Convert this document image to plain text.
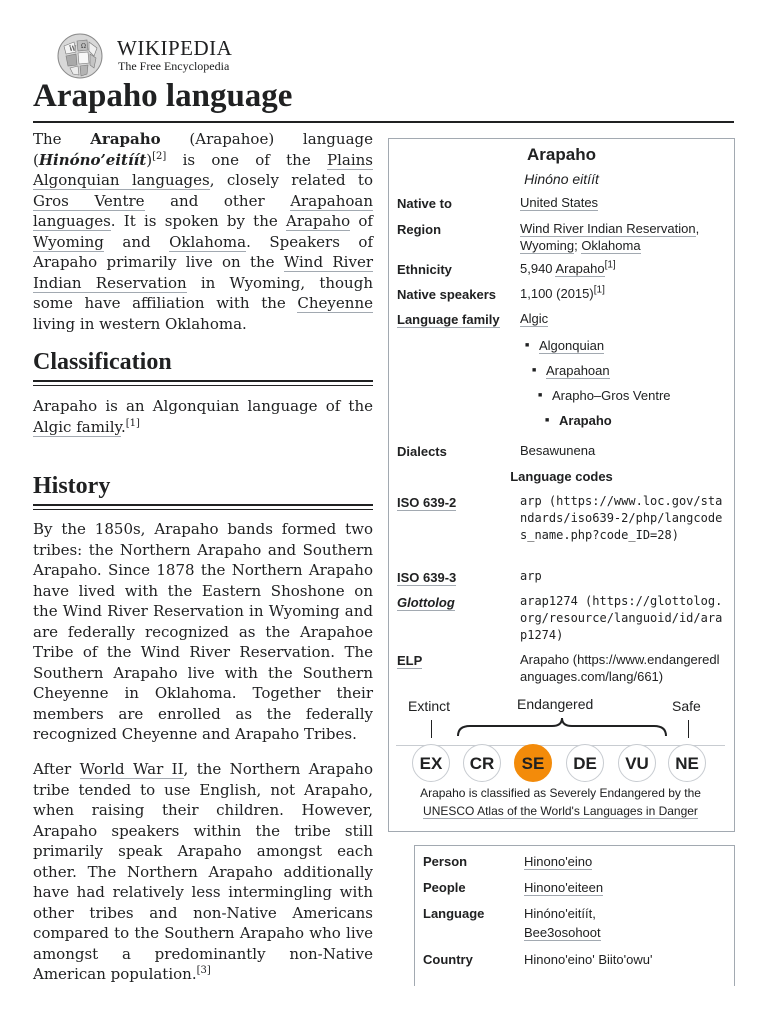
W Ω WIKIPEDIA
The Free Encyclopedia
Arapaho language
The Arapaho (Arapahoe) language (Hinóno’eitíít)[2] is one of the Plains Algonquian languages, closely related to Gros Ventre and other Arapahoan languages. It is spoken by the Arapaho of Wyoming and Oklahoma. Speakers of Arapaho primarily live on the Wind River Indian Reservation in Wyoming, though some have affiliation with the Cheyenne living in western Oklahoma.
Classification
Arapaho is an Algonquian language of the Algic family.[1]
History
By the 1850s, Arapaho bands formed two tribes: the Northern Arapaho and Southern Arapaho. Since 1878 the Northern Arapaho have lived with the Eastern Shoshone on the Wind River Reservation in Wyoming and are federally recognized as the Arapahoe Tribe of the Wind River Reservation. The Southern Arapaho live with the Southern Cheyenne in Oklahoma. Together their members are enrolled as the federally recognized Cheyenne and Arapaho Tribes.
After World War II, the Northern Arapaho tribe tended to use English, not Arapaho, when raising their children. However, Arapaho speakers within the tribe still primarily speak Arapaho amongst each other. The Northern Arapaho additionally have had relatively less intermingling with other tribes and non-Native Americans compared to the Southern Arapaho who live amongst a predominantly non-Native American population.[3]
Arapaho
Hinóno eitíít
Native to	United States
Region	Wind River Indian Reservation,
Wyoming; Oklahoma
Ethnicity	5,940 Arapaho[1]
Native speakers	1,100 (2015)[1]
Language family	Algic
■ Algonquian
■ Arapahoan
■ Arapho–Gros Ventre
■ Arapaho
Dialects	Besawunena
Language codes
ISO 639-2	arp (https://www.loc.gov/standards/iso639-2/php/langcodes_name.php?code_ID=28)
ISO 639-3	arp
Glottolog	arap1274 (https://glottolog.org/resource/languoid/id/arap1274)
ELP	Arapaho (https://www.endangeredlanguages.com/lang/661)
Extinct	Endangered	Safe
EX	CR	SE	DE	VU	NE
Arapaho is classified as Severely Endangered by the
UNESCO Atlas of the World's Languages in Danger
Person	Hinono'eino
People	Hinono'eiteen
Language	Hinóno'eitíít,
Bee3osohoot
Country	Hinono'eino' Biito'owu'
